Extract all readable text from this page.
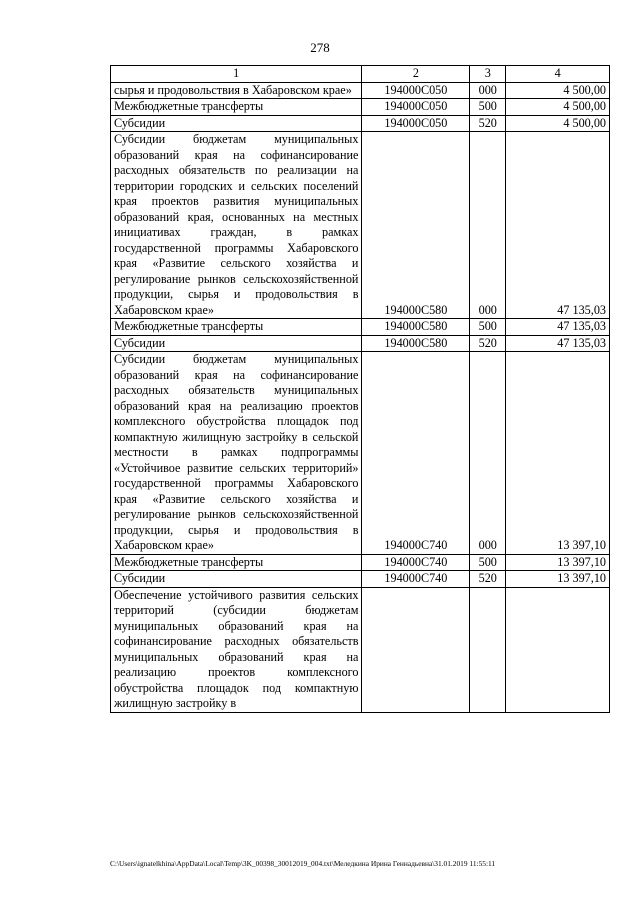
278
1	2	3	4
сырья и продовольствия в Хабаровском крае»	194000С050	000	4 500,00
Межбюджетные трансферты	194000С050	500	4 500,00
Субсидии	194000С050	520	4 500,00
Субсидии бюджетам муниципальных образований края на софинансирование расходных обязательств по реализации на территории городских и сельских поселений края проектов развития муниципальных образований края, основанных на местных инициативах граждан, в рамках государственной программы Хабаровского края «Развитие сельского хозяйства и регулирование рынков сельскохозяйственной продукции, сырья и продовольствия в Хабаровском крае»	194000С580	000	47 135,03
Межбюджетные трансферты	194000С580	500	47 135,03
Субсидии	194000С580	520	47 135,03
Субсидии бюджетам муниципальных образований края на софинансирование расходных обязательств муниципальных образований края на реализацию проектов комплексного обустройства площадок под компактную жилищную застройку в сельской местности в рамках подпрограммы «Устойчивое развитие сельских территорий» государственной программы Хабаровского края «Развитие сельского хозяйства и регулирование рынков сельскохозяйственной продукции, сырья и продовольствия в Хабаровском крае»	194000С740	000	13 397,10
Межбюджетные трансферты	194000С740	500	13 397,10
Субсидии	194000С740	520	13 397,10
Обеспечение устойчивого развития сельских территорий (субсидии бюджетам муниципальных образований края на софинансирование расходных обязательств муниципальных образований края на реализацию проектов комплексного обустройства площадок под компактную жилищную застройку в			
C:\Users\ignatelkhina\AppData\Local\Temp\3K_00398_30012019_004.txt\Меледкина Ирина Геннадьевна\31.01.2019 11:55:11
